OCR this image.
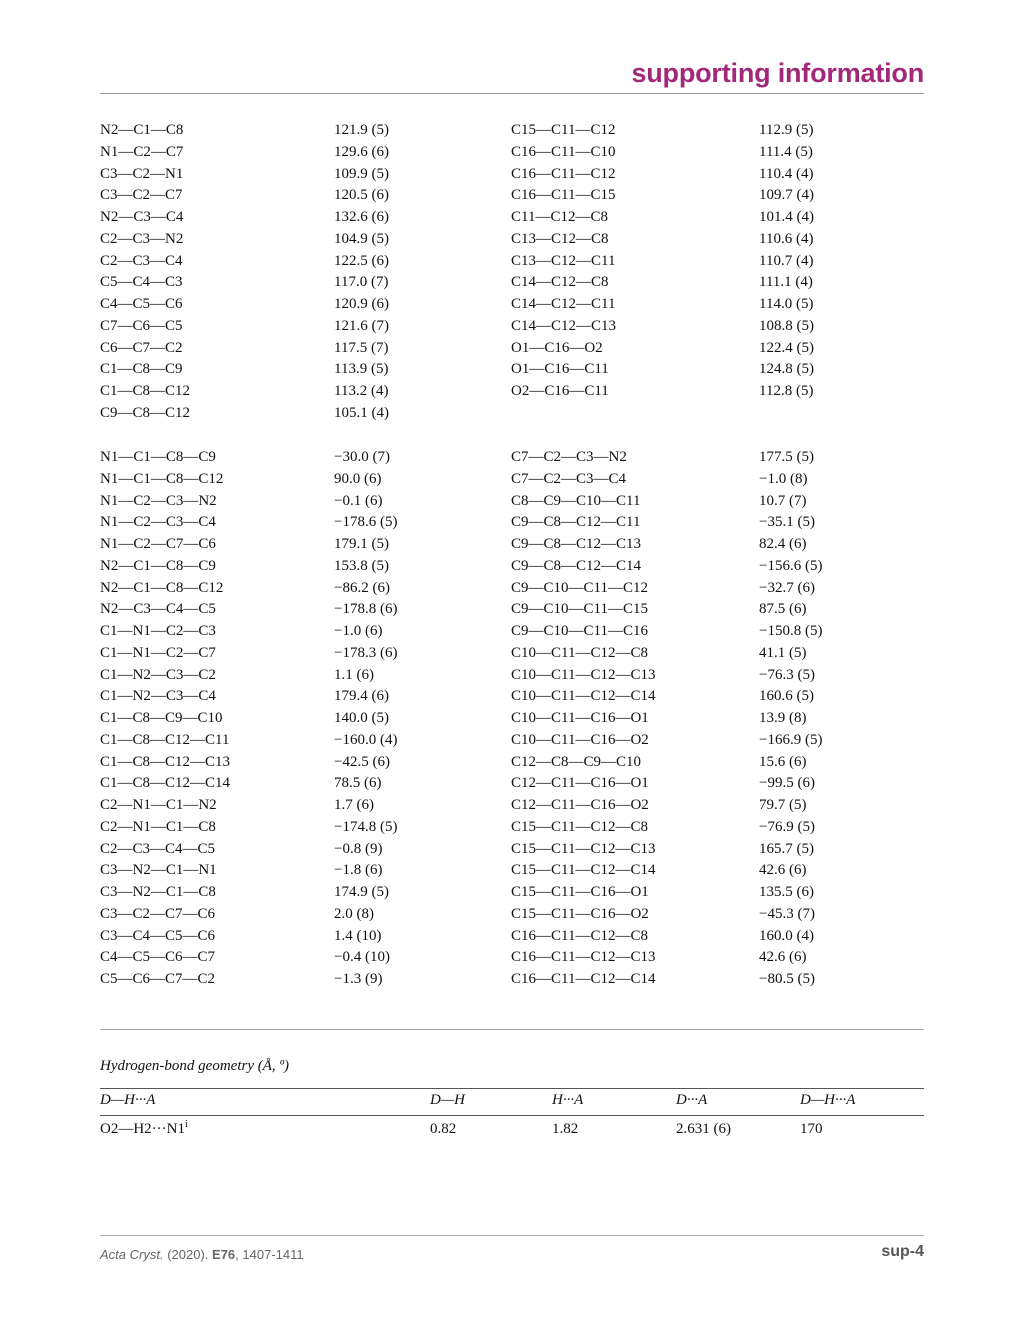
supporting information
N2—C1—C8	121.9 (5)	C15—C11—C12	112.9 (5)
N1—C2—C7	129.6 (6)	C16—C11—C10	111.4 (5)
C3—C2—N1	109.9 (5)	C16—C11—C12	110.4 (4)
C3—C2—C7	120.5 (6)	C16—C11—C15	109.7 (4)
N2—C3—C4	132.6 (6)	C11—C12—C8	101.4 (4)
C2—C3—N2	104.9 (5)	C13—C12—C8	110.6 (4)
C2—C3—C4	122.5 (6)	C13—C12—C11	110.7 (4)
C5—C4—C3	117.0 (7)	C14—C12—C8	111.1 (4)
C4—C5—C6	120.9 (6)	C14—C12—C11	114.0 (5)
C7—C6—C5	121.6 (7)	C14—C12—C13	108.8 (5)
C6—C7—C2	117.5 (7)	O1—C16—O2	122.4 (5)
C1—C8—C9	113.9 (5)	O1—C16—C11	124.8 (5)
C1—C8—C12	113.2 (4)	O2—C16—C11	112.8 (5)
C9—C8—C12	105.1 (4)
N1—C1—C8—C9	−30.0 (7)	C7—C2—C3—N2	177.5 (5)
N1—C1—C8—C12	90.0 (6)	C7—C2—C3—C4	−1.0 (8)
N1—C2—C3—N2	−0.1 (6)	C8—C9—C10—C11	10.7 (7)
N1—C2—C3—C4	−178.6 (5)	C9—C8—C12—C11	−35.1 (5)
N1—C2—C7—C6	179.1 (5)	C9—C8—C12—C13	82.4 (6)
N2—C1—C8—C9	153.8 (5)	C9—C8—C12—C14	−156.6 (5)
N2—C1—C8—C12	−86.2 (6)	C9—C10—C11—C12	−32.7 (6)
N2—C3—C4—C5	−178.8 (6)	C9—C10—C11—C15	87.5 (6)
C1—N1—C2—C3	−1.0 (6)	C9—C10—C11—C16	−150.8 (5)
C1—N1—C2—C7	−178.3 (6)	C10—C11—C12—C8	41.1 (5)
C1—N2—C3—C2	1.1 (6)	C10—C11—C12—C13	−76.3 (5)
C1—N2—C3—C4	179.4 (6)	C10—C11—C12—C14	160.6 (5)
C1—C8—C9—C10	140.0 (5)	C10—C11—C16—O1	13.9 (8)
C1—C8—C12—C11	−160.0 (4)	C10—C11—C16—O2	−166.9 (5)
C1—C8—C12—C13	−42.5 (6)	C12—C8—C9—C10	15.6 (6)
C1—C8—C12—C14	78.5 (6)	C12—C11—C16—O1	−99.5 (6)
C2—N1—C1—N2	1.7 (6)	C12—C11—C16—O2	79.7 (5)
C2—N1—C1—C8	−174.8 (5)	C15—C11—C12—C8	−76.9 (5)
C2—C3—C4—C5	−0.8 (9)	C15—C11—C12—C13	165.7 (5)
C3—N2—C1—N1	−1.8 (6)	C15—C11—C12—C14	42.6 (6)
C3—N2—C1—C8	174.9 (5)	C15—C11—C16—O1	135.5 (6)
C3—C2—C7—C6	2.0 (8)	C15—C11—C16—O2	−45.3 (7)
C3—C4—C5—C6	1.4 (10)	C16—C11—C12—C8	160.0 (4)
C4—C5—C6—C7	−0.4 (10)	C16—C11—C12—C13	42.6 (6)
C5—C6—C7—C2	−1.3 (9)	C16—C11—C12—C14	−80.5 (5)
Hydrogen-bond geometry (Å, º)
D—H···A	D—H	H···A	D···A	D—H···A
$O2—H2\cdot\cdot\cdot N1^i$	0.82	1.82	2.631 (6)	170
Acta Cryst. (2020). E76, 1407-1411	sup-4
